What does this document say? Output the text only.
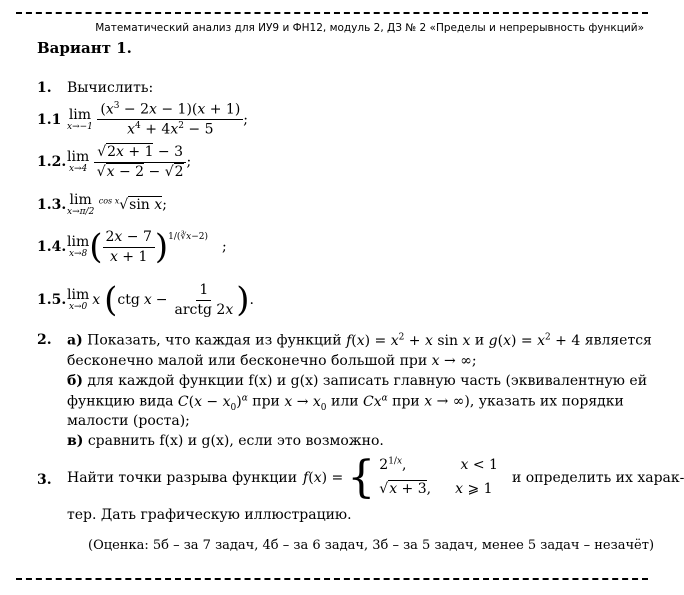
Математический анализ для ИУ9 и ФН12, модуль 2, ДЗ № 2 «Пределы и непрерывность функций»
Вариант 1.
1. Вычислить:
1.1 lim
x→−1
$\frac{(x^3 - 2x - 1)(x + 1)}{x^4 + 4x^2 - 5}$ ;
1.2. lim
x→4
$\frac{√2x + 1 - 3}{√x - 2 - √2}$ ;
1.3. lim
x→π/2
$^{cos x}$√sin x;
1.4. lim
x→8 ( $\frac{2x - 7}{x + 1}$ ) 1/(∛x−2)
;
1.5. lim
x→0 x ( ctg $x - \frac{1}{\text{arctg 2x}}$ ) .
2. а) Показать, что каждая из функций $f(x) = x^2 + x$ sin x и $g(x) = x^2 + 4$ является
бесконечно малой или бесконечно большой при x → ∞;
б) для каждой функции f(x) и g(x) записать главную часть (эквивалентную ей
функцию вида $C(x - x_0)^\alpha$ при $x \to x_0$ или $Cx^\alpha$ при x → ∞), указать их порядки
малости (роста);
в) сравнить f(x) и g(x), если это возможно.
3. Найти точки разрыва функции f(x) = { $2^{1/x}$,	x < 1
√x + 3, x ⩾ 1
и определить их харак-
тер. Дать графическую иллюстрацию.
(Оценка: 5б – за 7 задач, 4б – за 6 задач, 3б – за 5 задач, менее 5 задач – незачёт)
